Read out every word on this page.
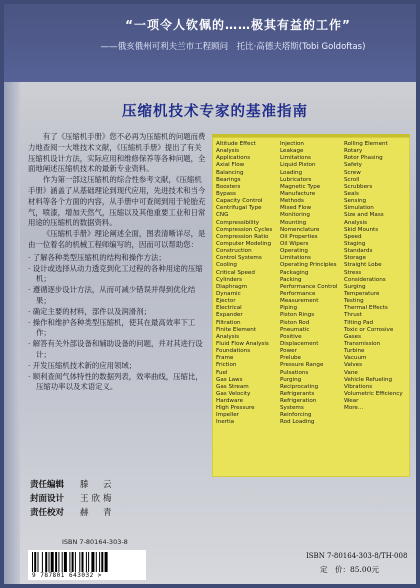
“一项令人钦佩的……极其有益的工作”
——俄亥俄州可利夫兰市工程顾问　托比·高德夫塔斯(Tobi Goldoftas)
压缩机技术专家的基准指南

有了《压缩机手册》您不必再为压缩机的问题而费力地查阅一大堆技术文献，《压缩机手册》提出了有关压缩机设计方法，实际应用和维修保养等各种问题，全面地阐述压缩机技术的最新专业资料。

作为第一部这压缩机的综合性参考文献，《压缩机手册》涵盖了从基础理论到现代应用，先进技术和当今材料等各个方面的内容，从手册中可查阅到用于轮胎充气，喷漆，增加天然气，压缩以及其他重要工业和日常用途的压缩机的数据资料。

《压缩机手册》理论阐述全面，图表清晰详尽，是由一位着名的机械工程师编写的，因而可以帮助您：

· 了解各种类型压缩机的结构和操作方法；
· 设计或选择从动力透克到化工过程的各种用途的压缩机；
· 遵循逐步设计方法，从而可减少错误并得到优化结果；
· 确定主要的材料，部件以及润滑剂；
· 操作和维护各种类型压缩机，使其在最高效率下工作；
· 解答有关外部设备和辅助设备的问题，并对其进行设计；
· 开发压缩机技术新的应用领域；
· 顺利查阅气体特性的数据列表，效率曲线，压缩比，压缩功率以及术语定义。
Altitude Effect
Analysis
Applications
Axial Flow
Balancing
Bearings
Boosters
Bypass
Capacity Control
Centrifugal Type
CNG
Compressibility
Compression Cycles
Compression Ratio
Computer Modeling
Construction
Control Systems
Cooling
Critical Speed
Cylinders
Diaphragm
Dynamic
Ejector
Electrical
Expander
Filtration
Finite Element
Analysis
Fluid Flow Analysis
Foundations
Frame
Friction
Fuel
Gas Laws
Gas Stream
Gas Velocity
Hardware
High Pressure
Impeller
Inertia
Injection
Leakage
Limitations
Liquid Piston
Loading
Lubricators
Magnetic Type
Manufacture
Methods
Mixed Flow
Monitoring
Mounting
Nomenclature
Oil Properties
Oil Wipers
Operating
Limitations
Operating Principles
Packaging
Packing
Performance Control
Performance
Measurement
Piping
Piston Rings
Piston Rod
Pneumatic
Positive
Displacement
Power
Prelube
Pressure Range
Pulsations
Purging
Reciprocating
Refrigerants
Refrigeration
Systems
Reinforcing
Rod Loading
Rolling Element
Rotary
Rotor Phasing
Safety
Screw
Scroll
Scrubbers
Seals
Sensing
Simulation
Size and Mass
Analysis
Skid Mounts
Speed
Staging
Standards
Storage
Straight Lobe
Stress
Considerations
Surging
Temperature
Testing
Thermal Effects
Thrust
Tilting Pad
Toxic or Corrosive
Gases
Transmission
Turbine
Vacuum
Valves
Vane
Vehicle Refueling
Vibrations
Volumetric Efficiency
Wear
More...
责任编辑 滕　云
封面设计 王欣梅
责任校对 赫　青
ISBN 7-80164-303-8
9 787801 643032 >
ISBN 7-80164-303-8/TH·008
定　价：85.00元
